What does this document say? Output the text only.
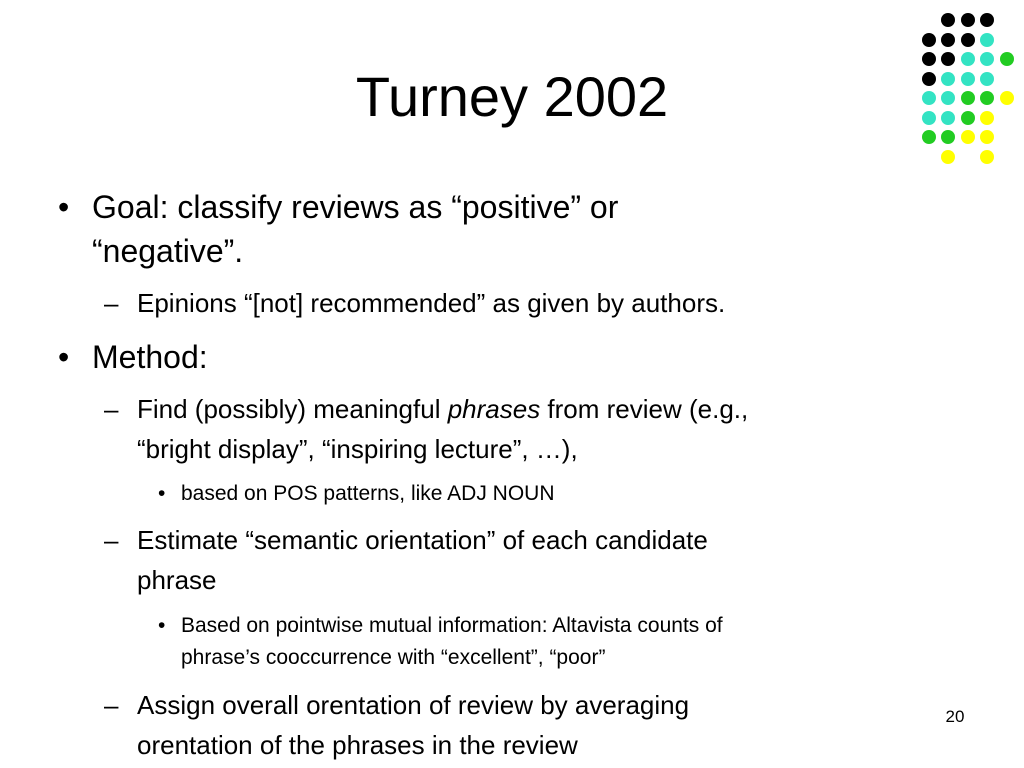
Turney 2002
• Goal: classify reviews as “positive” or
“negative”.
– Epinions “[not] recommended” as given by authors.
• Method:
– Find (possibly) meaningful phrases from review (e.g.,
“bright display”, “inspiring lecture”, …),
• based on POS patterns, like ADJ NOUN
– Estimate “semantic orientation” of each candidate
phrase
• Based on pointwise mutual information: Altavista counts of
phrase’s cooccurrence with “excellent”, “poor”
– Assign overall orentation of review by averaging
orentation of the phrases in the review
20
